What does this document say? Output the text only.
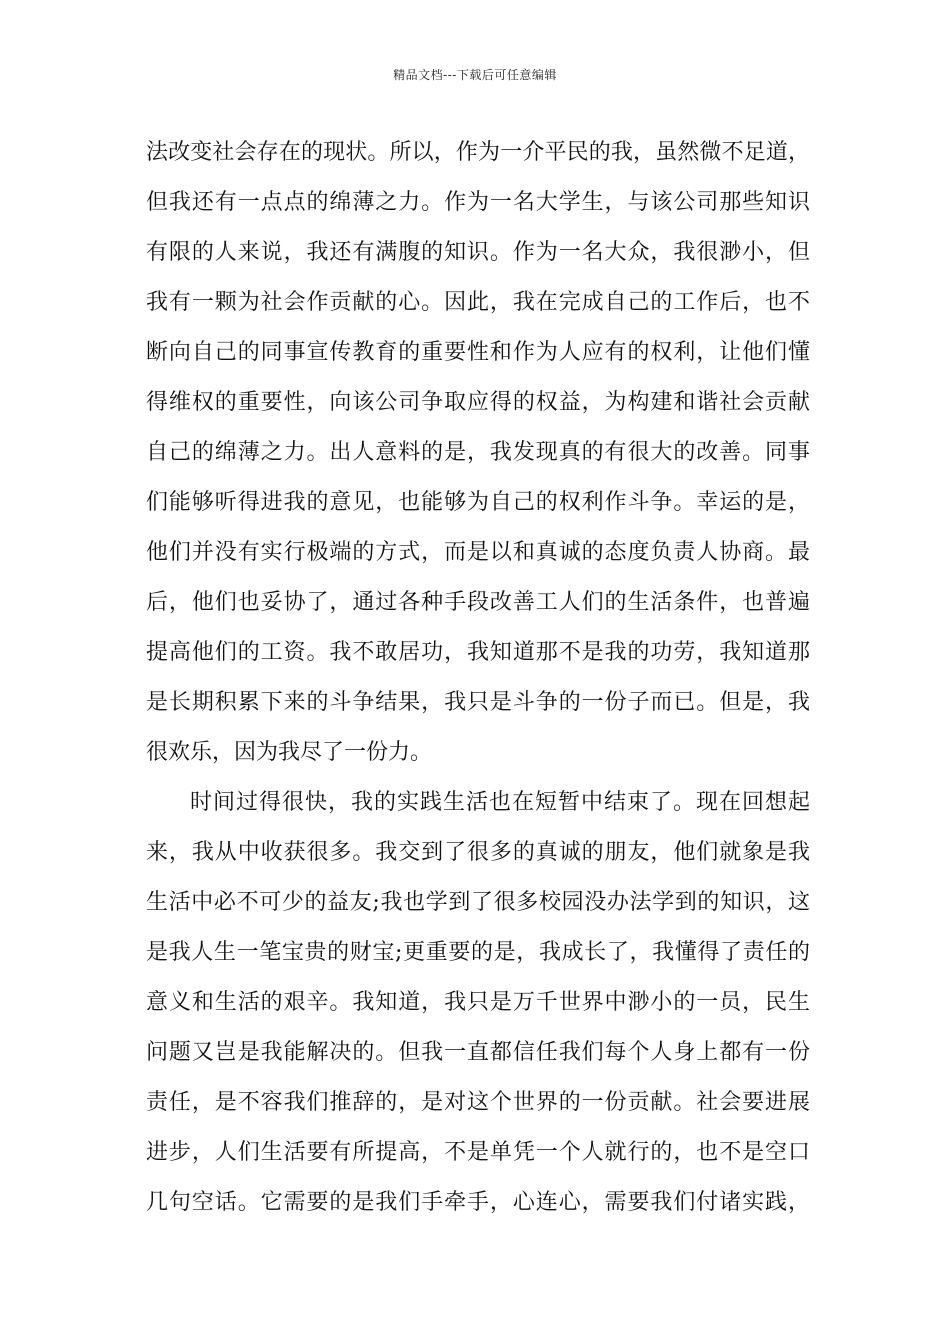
精品文档---下载后可任意编辑
法改变社会存在的现状。所以，作为一介平民的我，虽然微不足道，
但我还有一点点的绵薄之力。作为一名大学生，与该公司那些知识
有限的人来说，我还有满腹的知识。作为一名大众，我很渺小，但
我有一颗为社会作贡献的心。因此，我在完成自己的工作后，也不
断向自己的同事宣传教育的重要性和作为人应有的权利，让他们懂
得维权的重要性，向该公司争取应得的权益，为构建和谐社会贡献
自己的绵薄之力。出人意料的是，我发现真的有很大的改善。同事
们能够听得进我的意见，也能够为自己的权利作斗争。幸运的是，
他们并没有实行极端的方式，而是以和真诚的态度负责人协商。最
后，他们也妥协了，通过各种手段改善工人们的生活条件，也普遍
提高他们的工资。我不敢居功，我知道那不是我的功劳，我知道那
是长期积累下来的斗争结果，我只是斗争的一份子而已。但是，我
很欢乐，因为我尽了一份力。
时间过得很快，我的实践生活也在短暂中结束了。现在回想起
来，我从中收获很多。我交到了很多的真诚的朋友，他们就象是我
生活中必不可少的益友;我也学到了很多校园没办法学到的知识，这
是我人生一笔宝贵的财宝;更重要的是，我成长了，我懂得了责任的
意义和生活的艰辛。我知道，我只是万千世界中渺小的一员，民生
问题又岂是我能解决的。但我一直都信任我们每个人身上都有一份
责任，是不容我们推辞的，是对这个世界的一份贡献。社会要进展
进步，人们生活要有所提高，不是单凭一个人就行的，也不是空口
几句空话。它需要的是我们手牵手，心连心，需要我们付诸实践，
